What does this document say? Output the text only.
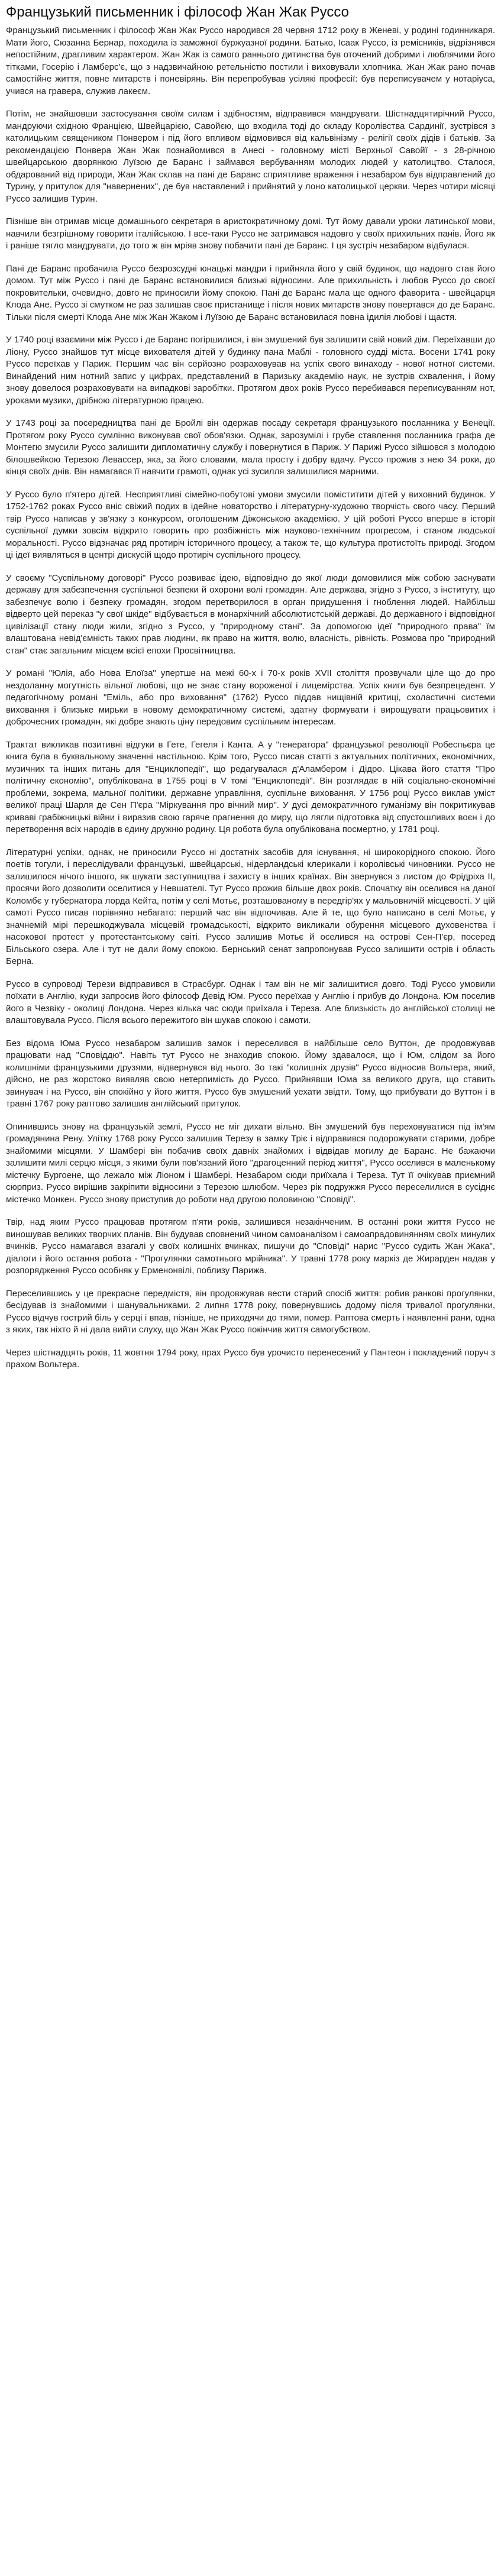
Французький письменник і філософ Жан Жак Руссо

Французький письменник і філософ Жан Жак Руссо народився 28 червня 1712 року в Женеві, у родині годинникаря. Мати його, Сюзанна Бернар, походила із заможної буржуазної родини. Батько, Ісаак Руссо, із ремісників, відрізнявся непостійним, драгливим характером. Жан Жак із самого раннього дитинства був оточений добрими і люблячими його тітками, Госерію і Ламберс'є, що з надзвичайною ретельністю постили і виховували хлопчика. Жан Жак рано почав самостійне життя, повне митарств і поневірянь. Він перепробував усілякі професії: був переписувачем у нотаріуса, учився на гравера, служив лакеєм.

Потім, не знайшовши застосування своїм силам і здібностям, відправився мандрувати. Шістнадцятирічний Руссо, мандруючи східною Францією, Швейцарією, Савойєю, що входила тоді до складу Королівства Сардинії, зустрівся з католицьким священиком Понвером і під його впливом відмовився від кальвінізму - релігії своїх дідів і батьків. За рекомендацією Понвера Жан Жак познайомився в Анесі - головному місті Верхньої Савойї - з 28-річною швейцарською дворянкою Луїзою де Баранс і займався вербуванням молодих людей у католицтво. Сталося, обдарований від природи, Жан Жак склав на пані де Баранс сприятливе враження і незабаром був відправлений до Турину, у притулок для "навернених", де був наставлений і прийнятий у лоно католицької церкви. Через чотири місяці Руссо залишив Турин.

Пізніше він отримав місце домашнього секретаря в аристократичному домі. Тут йому давали уроки латинської мови, навчили безгрішному говорити італійською. І все-таки Руссо не затримався надовго у своїх прихильних панів. Його як і раніше тягло мандрувати, до того ж він мріяв знову побачити пані де Баранс. І ця зустріч незабаром відбулася.

Пані де Баранс пробачила Руссо безрозсудні юнацькі мандри і прийняла його у свій будинок, що надовго став його домом. Тут між Руссо і пані де Баранс встановилися близькі відносини. Але прихильність і любов Руссо до своєї покровительки, очевидно, довго не приносили йому спокою. Пані де Баранс мала ще одного фаворита - швейцарця Клода Ане. Руссо зі смутком не раз залишав своє пристанище і після нових митарств знову повертався до де Баранс. Тільки після смерті Клода Ане між Жан Жаком і Луїзою де Баранс встановилася повна ідилія любові і щастя.

У 1740 році взаємини між Руссо і де Баранс погіршилися, і він змушений був залишити свій новий дім. Переїхавши до Ліону, Руссо знайшов тут місце вихователя дітей у будинку пана Маблі - головного судді міста. Восени 1741 року Руссо переїхав у Париж. Першим час він серйозно розраховував на успіх свого винаходу - нової нотної системи. Винайдений ним нотний запис у цифрах, представлений в Паризьку академію наук, не зустрів схвалення, і йому знову довелося розраховувати на випадкові заробітки. Протягом двох років Руссо перебивався переписуванням нот, уроками музики, дрібною літературною працею.

У 1743 році за посередництва пані де Бройлі він одержав посаду секретаря французького посланника у Венеції. Протягом року Руссо сумлінно виконував свої обов'язки. Однак, зарозумілі і грубе ставлення посланника графа де Монтегю змусили Руссо залишити дипломатичну службу і повернутися в Париж. У Парижі Руссо зійшовся з молодою білошвейкою Терезою Левассер, яка, за його словами, мала просту і добру вдачу. Руссо прожив з нею 34 роки, до кінця своїх днів. Він намагався її навчити грамоті, однак усі зусилля залишилися марними.

У Руссо було п'ятеро дітей. Несприятливі сімейно-побутові умови змусили поміститити дітей у виховний будинок. У 1752-1762 роках Руссо вніс свіжий подих в ідейне новаторство і літературну-художню творчість свого часу. Перший твір Руссо написав у зв'язку з конкурсом, оголошеним Діжонською академією. У цій роботі Руссо вперше в історії суспільної думки зовсім відкрито говорить про розбіжність між науково-технічним прогресом, і станом людської моральності. Руссо відзначає ряд протиріч історичного процесу, а також те, що культура протистоїть природі. Згодом ці ідеї виявляться в центрі дискусій щодо протиріч суспільного процесу.

У своєму "Суспільному договорі" Руссо розвиває ідею, відповідно до якої люди домовилися між собою заснувати державу для забезпечення суспільної безпеки й охорони волі громадян. Але держава, згідно з Руссо, з інституту, що забезпечує волю і безпеку громадян, згодом перетворилося в орган придушення і гноблення людей. Найбільш відверто цей переказ "у свої шкіде" відбувається в монархічний абсолютистській державі. До державного і відповідної цивілізації стану люди жили, згідно з Руссо, у "природному стані". За допомогою ідеї "природного права" їм влаштована невід'ємність таких прав людини, як право на життя, волю, власність, рівність. Розмова про "природний стан" стає загальним місцем всієї епохи Просвітництва.

У романі "Юлія, або Нова Елоїза" упертше на межі 60-х і 70-х років XVII століття прозвучали ціле що до про нездоланну могутність вільної любові, що не знає стану вороженої і лицемірства. Успіх книги був безпрецедент. У педагогічному романі "Еміль, або про виховання" (1762) Руссо піддав нищівній критиці, схоластичні системи виховання і близьке мирьки в новому демократичному системі, здатну формувати і вирощувати працьовитих і доброчесних громадян, які добре знають ціну передовим суспільним інтересам.

Трактат викликав позитивні відгуки в Гете, Гегеля і Канта. А у "генератора" французької революції Робеспьєра це книга була в буквальному значенні настільною. Крім того, Руссо писав статті з актуальних політичних, економічних, музичних та інших питань для "Енциклопедії", що редагувалася д'Аламбером і Дідро. Цікава його стаття "Про політичну економію", опублікована в 1755 році в V томі "Енциклопедії". Він розглядає в ній соціально-економічні проблеми, зокрема, мальної політики, державне управління, суспільне виховання. У 1756 році Руссо виклав уміст великої праці Шарля де Сен П'єра "Міркування про вічний мир". У дусі демократичного гуманізму він покритикував криваві грабіжницькі війни і виразив свою гаряче прагнення до миру, що лягли підготовка від спустошливих воєн і до перетворення всіх народів в єдину дружню родину. Ця робота була опублікована посмертно, у 1781 році.

Літературні успіхи, однак, не приносили Руссо ні достатніх засобів для існування, ні широкорідного спокою. Його поетів тогули, і переслідували французькі, швейцарські, нідерландські клерикали і королівські чиновники. Руссо не залишилося нічого іншого, як шукати заступництва і захисту в інших країнах. Він звернувся з листом до Фрідріха II, просячи його дозволити оселитися у Невшателі. Тут Руссо прожив більше двох років. Спочатку він оселився на даної Коломбє у губернатора лорда Кейта, потім у селі Мотьє, розташованому в передгір'ях у мальовничій місцевості. У цій самоті Руссо писав порівняно небагато: перший час він відпочивав. Але й те, що було написано в селі Мотьє, у значнемій мірі перешкоджувала місцевій громадськості, відкрито викликали обурення місцевого духовенства і насокової протест у протестантському світі. Руссо залишив Мотьє й оселився на острові Сен-П'єр, посеред Більського озера. Але і тут не дали йому спокою. Бернський сенат запропонував Руссо залишити острів і область Берна.

Руссо в супроводі Терези відправився в Страсбург. Однак і там він не міг залишитися довго. Тоді Руссо умовили поїхати в Англію, куди запросив його філософ Девід Юм. Руссо переїхав у Англію і прибув до Лондона. Юм поселив його в Чезвіку - околиці Лондона. Через кілька час сюди приїхала і Тереза. Але близькість до англійської столиці не влаштовувала Руссо. Після всього пережитого він шукав спокою і самоти.

Без відома Юма Руссо незабаром залишив замок і переселився в найбільше село Вуттон, де продовжував працювати над "Сповіддю". Навіть тут Руссо не знаходив спокою. Йому здавалося, що і Юм, слідом за його колишніми французькими друзями, відвернувся від нього. Зо такі "колишніх друзів" Руссо відносив Вольтера, який, дійсно, не раз жорстоко виявляв свою нетерпимість до Руссо. Прийнявши Юма за великого друга, що ставить звинувач і на Руссо, він спокійно у його життя. Руссо був змушений уехати звідти. Тому, що прибувати до Вуттон і в травні 1767 року раптово залишив англійський притулок.

Опинившись знову на французькій землі, Руссо не міг дихати вільно. Він змушений був переховуватися під ім'ям громадянина Рену. Улітку 1768 року Руссо залишив Терезу в замку Тріє і відправився подорожувати старими, добре знайомими місцями. У Шамбері він побачив своїх давніх знайомих і відвідав могилу де Баранс. Не бажаючи залишити милі серцю місця, з якими були пов'язаний його "драгоценний період життя", Руссо оселився в маленькому містечку Бургоене, що лежало між Ліоном і Шамбері. Незабаром сюди приїхала і Тереза. Тут її очікував приємний сюрприз. Руссо вирішив закріпити відносини з Терезою шлюбом. Через рік подружжя Руссо переселилися в сусіднє містечко Монкен. Руссо знову приступив до роботи над другою половиною "Сповіді".

Твір, над яким Руссо працював протягом п'яти років, залишився незакінченим. В останні роки життя Руссо не виношував великих творчих планів. Він будував сповнений чином самоаналізом і самоапрадовинянням своїх минулих вчинків. Руссо намагався взагалі у своїх колишніх вчинках, пишучи до "Сповіді" нарис "Руссо судить Жан Жака", діалоги і його остання робота - "Прогулянки самотнього мрійника". У травні 1778 року маркіз де Жирарден надав у розпорядження Руссо особняк у Ерменонвілі, поблизу Парижа.

Переселившись у це прекрасне передмістя, він продовжував вести старий спосіб життя: робив ранкові прогулянки, бесідував із знайомими і шанувальниками. 2 липня 1778 року, повернувшись додому після тривалої прогулянки, Руссо відчув гострий біль у серці і впав, пізніше, не приходячи до тями, помер. Раптова смерть і наявленні рани, одна з яких, так ніхто й ні дала вийти слуху, що Жан Жак Руссо покінчив життя самогубством.

Через шістнадцять років, 11 жовтня 1794 року, прах Руссо був урочисто перенесений у Пантеон і покладений поруч з прахом Вольтера.
